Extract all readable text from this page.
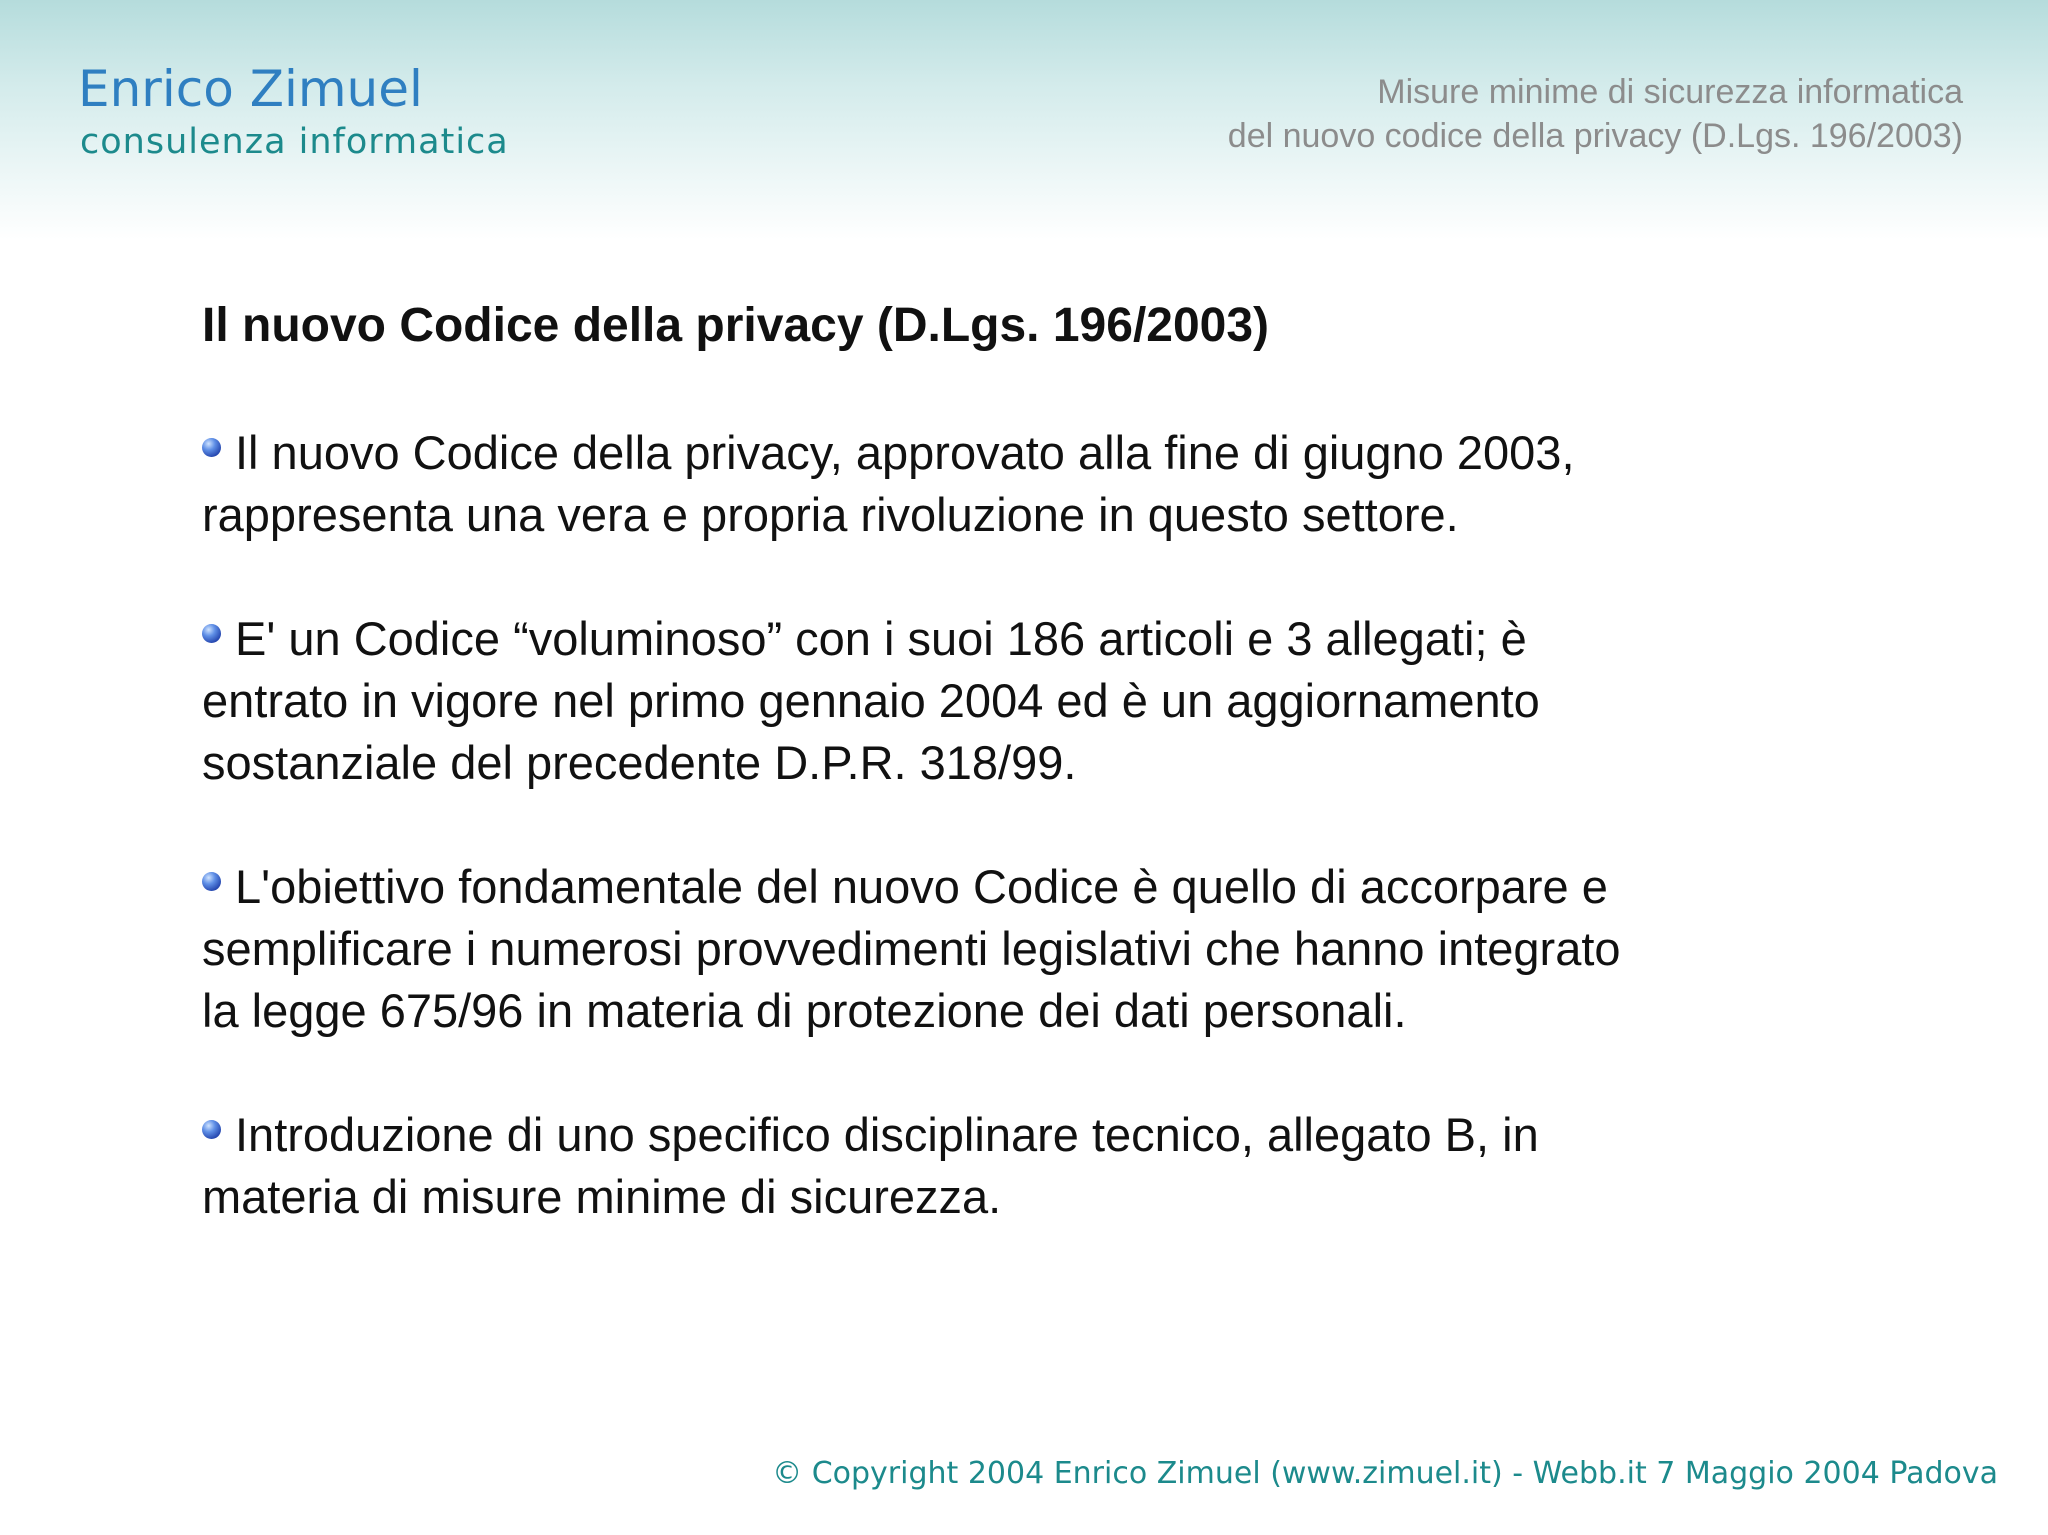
Enrico Zimuel
consulenza informatica
Misure minime di sicurezza informatica
del nuovo codice della privacy (D.Lgs. 196/2003)
Il nuovo Codice della privacy (D.Lgs. 196/2003)
Il nuovo Codice della privacy, approvato alla fine di giugno 2003,
rappresenta una vera e propria rivoluzione in questo settore.
E' un Codice “voluminoso” con i suoi 186 articoli e 3 allegati; è
entrato in vigore nel primo gennaio 2004 ed è un aggiornamento
sostanziale del precedente D.P.R. 318/99.
L'obiettivo fondamentale del nuovo Codice è quello di accorpare e
semplificare i numerosi provvedimenti legislativi che hanno integrato
la legge 675/96 in materia di protezione dei dati personali.
Introduzione di uno specifico disciplinare tecnico, allegato B, in
materia di misure minime di sicurezza.
© Copyright 2004 Enrico Zimuel (www.zimuel.it) - Webb.it 7 Maggio 2004 Padova
